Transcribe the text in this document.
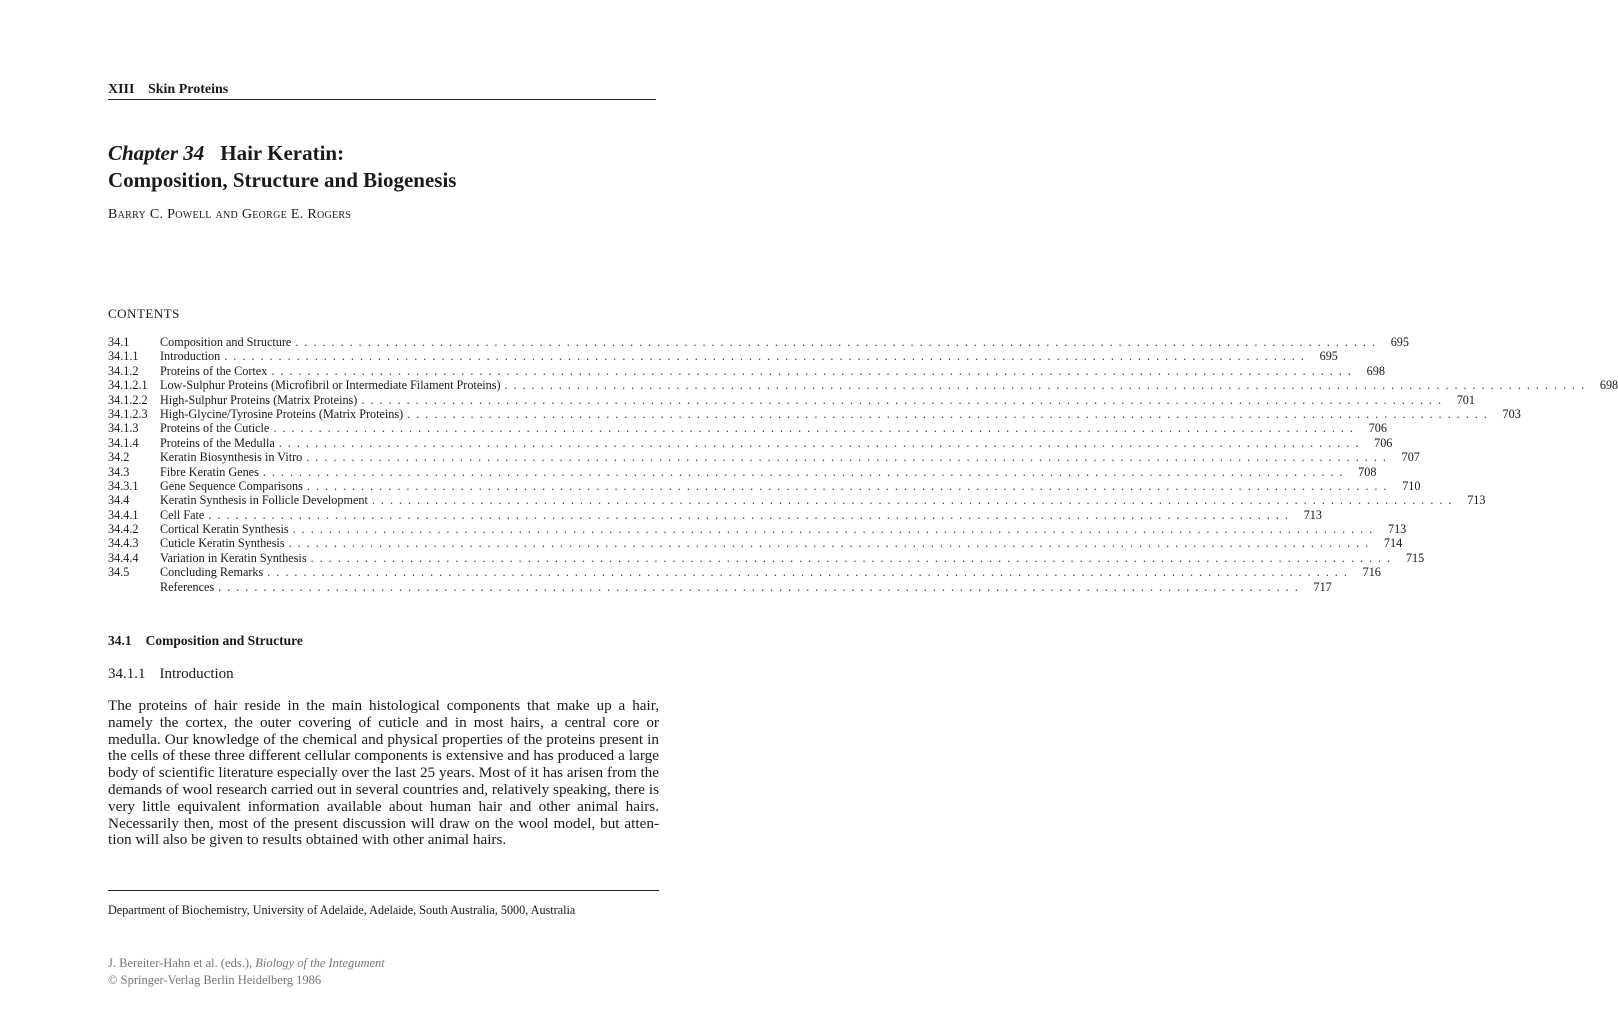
XIII Skin Proteins
Chapter 34 Hair Keratin:
Composition, Structure and Biogenesis
Barry C. Powell and George E. Rogers
CONTENTS
34.1	Composition and Structure ........................................................................................................................ 695
34.1.1	Introduction ........................................................................................................................ 695
34.1.2	Proteins of the Cortex ........................................................................................................................ 698
34.1.2.1	Low-Sulphur Proteins (Microfibril or Intermediate Filament Proteins) ........................................................................................................................ 698
34.1.2.2	High-Sulphur Proteins (Matrix Proteins) ........................................................................................................................ 701
34.1.2.3	High-Glycine/Tyrosine Proteins (Matrix Proteins) ........................................................................................................................ 703
34.1.3	Proteins of the Cuticle ........................................................................................................................ 706
34.1.4	Proteins of the Medulla ........................................................................................................................ 706
34.2	Keratin Biosynthesis in Vitro ........................................................................................................................ 707
34.3	Fibre Keratin Genes ........................................................................................................................ 708
34.3.1	Gene Sequence Comparisons ........................................................................................................................ 710
34.4	Keratin Synthesis in Follicle Development ........................................................................................................................ 713
34.4.1	Cell Fate ........................................................................................................................ 713
34.4.2	Cortical Keratin Synthesis ........................................................................................................................ 713
34.4.3	Cuticle Keratin Synthesis ........................................................................................................................ 714
34.4.4	Variation in Keratin Synthesis ........................................................................................................................ 715
34.5	Concluding Remarks ........................................................................................................................ 716
References ........................................................................................................................ 717
34.1 Composition and Structure
34.1.1 Introduction
The proteins of hair reside in the main histological components that make up a hair, namely the cortex, the outer covering of cuticle and in most hairs, a central core or medulla. Our knowledge of the chemical and physical properties of the proteins present in the cells of these three different cellular components is extensive and has produced a large body of scientific literature especially over the last 25 years. Most of it has arisen from the demands of wool research carried out in several countries and, relatively speaking, there is very little equivalent information available about human hair and other animal hairs. Necessarily then, most of the present discussion will draw on the wool model, but attention will also be given to results obtained with other animal hairs.
Department of Biochemistry, University of Adelaide, Adelaide, South Australia, 5000, Australia
J. Bereiter-Hahn et al. (eds.), Biology of the Integument
© Springer-Verlag Berlin Heidelberg 1986
